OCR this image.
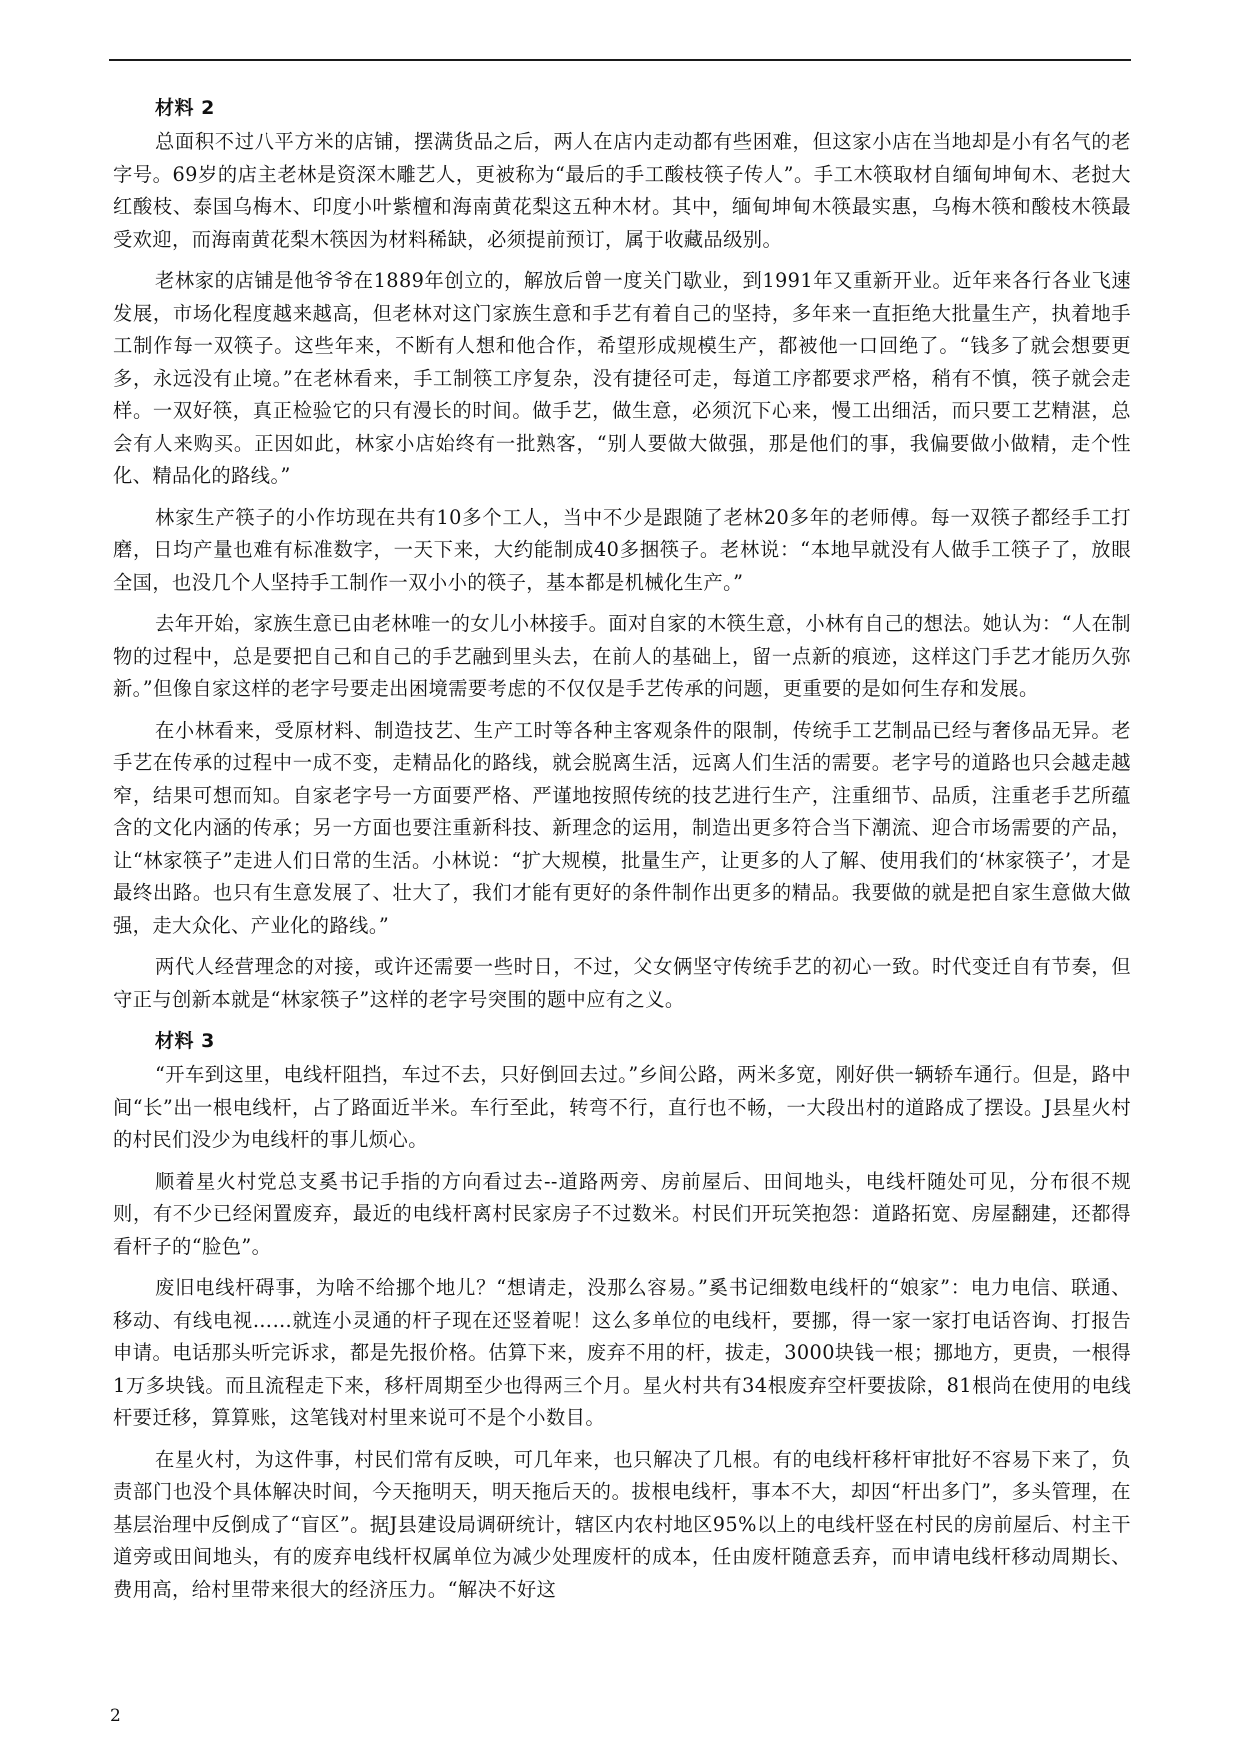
材料 2

总面积不过八平方米的店铺，摆满货品之后，两人在店内走动都有些困难，但这家小店在当地却是小有名气的老字号。69岁的店主老林是资深木雕艺人，更被称为“最后的手工酸枝筷子传人”。手工木筷取材自缅甸坤甸木、老挝大红酸枝、泰国乌梅木、印度小叶紫檀和海南黄花梨这五种木材。其中，缅甸坤甸木筷最实惠，乌梅木筷和酸枝木筷最受欢迎，而海南黄花梨木筷因为材料稀缺，必须提前预订，属于收藏品级别。

老林家的店铺是他爷爷在1889年创立的，解放后曾一度关门歇业，到1991年又重新开业。近年来各行各业飞速发展，市场化程度越来越高，但老林对这门家族生意和手艺有着自己的坚持，多年来一直拒绝大批量生产，执着地手工制作每一双筷子。这些年来，不断有人想和他合作，希望形成规模生产，都被他一口回绝了。“钱多了就会想要更多，永远没有止境。”在老林看来，手工制筷工序复杂，没有捷径可走，每道工序都要求严格，稍有不慎，筷子就会走样。一双好筷，真正检验它的只有漫长的时间。做手艺，做生意，必须沉下心来，慢工出细活，而只要工艺精湛，总会有人来购买。正因如此，林家小店始终有一批熟客，“别人要做大做强，那是他们的事，我偏要做小做精，走个性化、精品化的路线。”

林家生产筷子的小作坊现在共有10多个工人，当中不少是跟随了老林20多年的老师傅。每一双筷子都经手工打磨，日均产量也难有标准数字，一天下来，大约能制成40多捆筷子。老林说：“本地早就没有人做手工筷子了，放眼全国，也没几个人坚持手工制作一双小小的筷子，基本都是机械化生产。”

去年开始，家族生意已由老林唯一的女儿小林接手。面对自家的木筷生意，小林有自己的想法。她认为：“人在制物的过程中，总是要把自己和自己的手艺融到里头去，在前人的基础上，留一点新的痕迹，这样这门手艺才能历久弥新。”但像自家这样的老字号要走出困境需要考虑的不仅仅是手艺传承的问题，更重要的是如何生存和发展。

在小林看来，受原材料、制造技艺、生产工时等各种主客观条件的限制，传统手工艺制品已经与奢侈品无异。老手艺在传承的过程中一成不变，走精品化的路线，就会脱离生活，远离人们生活的需要。老字号的道路也只会越走越窄，结果可想而知。自家老字号一方面要严格、严谨地按照传统的技艺进行生产，注重细节、品质，注重老手艺所蕴含的文化内涵的传承；另一方面也要注重新科技、新理念的运用，制造出更多符合当下潮流、迎合市场需要的产品，让“林家筷子”走进人们日常的生活。小林说：“扩大规模，批量生产，让更多的人了解、使用我们的‘林家筷子’，才是最终出路。也只有生意发展了、壮大了，我们才能有更好的条件制作出更多的精品。我要做的就是把自家生意做大做强，走大众化、产业化的路线。”

两代人经营理念的对接，或许还需要一些时日，不过，父女俩坚守传统手艺的初心一致。时代变迁自有节奏，但守正与创新本就是“林家筷子”这样的老字号突围的题中应有之义。

材料 3

“开车到这里，电线杆阻挡，车过不去，只好倒回去过。”乡间公路，两米多宽，刚好供一辆轿车通行。但是，路中间“长”出一根电线杆，占了路面近半米。车行至此，转弯不行，直行也不畅，一大段出村的道路成了摆设。J县星火村的村民们没少为电线杆的事儿烦心。

顺着星火村党总支奚书记手指的方向看过去--道路两旁、房前屋后、田间地头，电线杆随处可见，分布很不规则，有不少已经闲置废弃，最近的电线杆离村民家房子不过数米。村民们开玩笑抱怨：道路拓宽、房屋翻建，还都得看杆子的“脸色”。

废旧电线杆碍事，为啥不给挪个地儿？“想请走，没那么容易。”奚书记细数电线杆的“娘家”：电力电信、联通、移动、有线电视……就连小灵通的杆子现在还竖着呢！这么多单位的电线杆，要挪，得一家一家打电话咨询、打报告申请。电话那头听完诉求，都是先报价格。估算下来，废弃不用的杆，拔走，3000块钱一根；挪地方，更贵，一根得1万多块钱。而且流程走下来，移杆周期至少也得两三个月。星火村共有34根废弃空杆要拔除，81根尚在使用的电线杆要迁移，算算账，这笔钱对村里来说可不是个小数目。

在星火村，为这件事，村民们常有反映，可几年来，也只解决了几根。有的电线杆移杆审批好不容易下来了，负责部门也没个具体解决时间，今天拖明天，明天拖后天的。拔根电线杆，事本不大，却因“杆出多门”，多头管理，在基层治理中反倒成了“盲区”。据J县建设局调研统计，辖区内农村地区95%以上的电线杆竖在村民的房前屋后、村主干道旁或田间地头，有的废弃电线杆权属单位为减少处理废杆的成本，任由废杆随意丢弃，而申请电线杆移动周期长、费用高，给村里带来很大的经济压力。“解决不好这

2
